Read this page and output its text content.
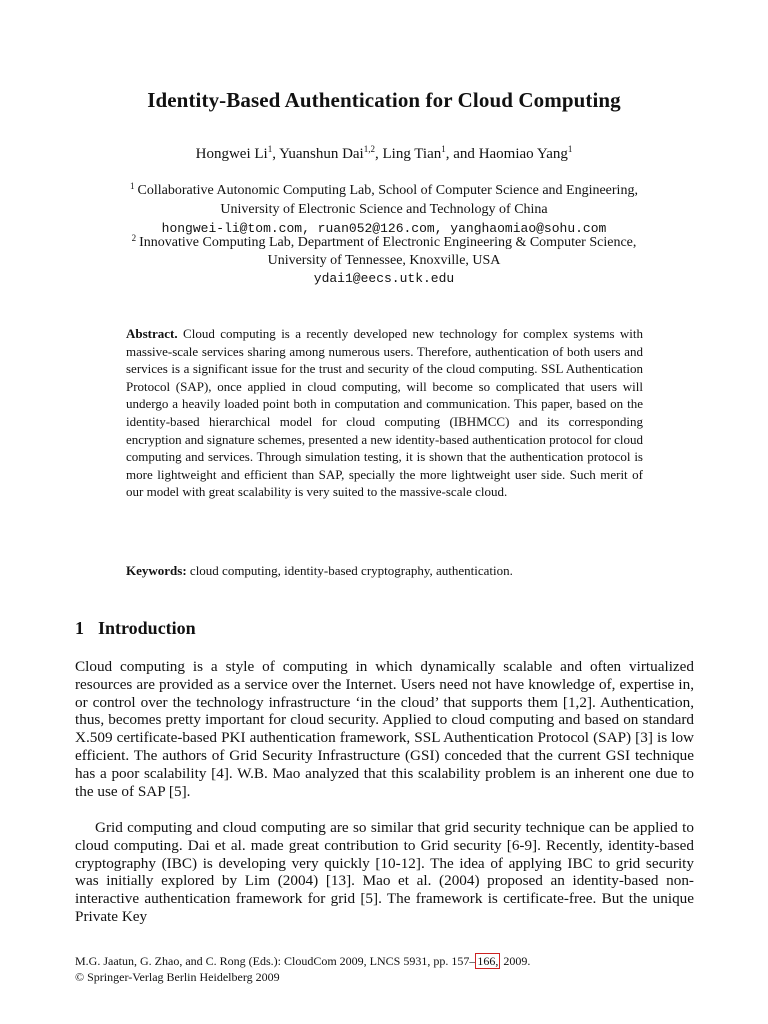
Identity-Based Authentication for Cloud Computing
Hongwei Li$^1$, Yuanshun Dai$^{1,2}$, Ling Tian$^1$, and Haomiao Yang$^1$
$^1$ Collaborative Autonomic Computing Lab, School of Computer Science and Engineering,
University of Electronic Science and Technology of China
hongwei-li@tom.com, ruan052@126.com, yanghaomiao@sohu.com
$^2$ Innovative Computing Lab, Department of Electronic Engineering & Computer Science,
University of Tennessee, Knoxville, USA
ydai1@eecs.utk.edu

Abstract. Cloud computing is a recently developed new technology for complex systems with massive-scale services sharing among numerous users. Therefore, authentication of both users and services is a significant issue for the trust and security of the cloud computing. SSL Authentication Protocol (SAP), once applied in cloud computing, will become so complicated that users will undergo a heavily loaded point both in computation and communication. This paper, based on the identity-based hierarchical model for cloud computing (IBHMCC) and its corresponding encryption and signature schemes, presented a new identity-based authentication protocol for cloud computing and services. Through simulation testing, it is shown that the authentication protocol is more lightweight and efficient than SAP, specially the more lightweight user side. Such merit of our model with great scalability is very suited to the massive-scale cloud.

Keywords: cloud computing, identity-based cryptography, authentication.

1 Introduction

Cloud computing is a style of computing in which dynamically scalable and often virtualized resources are provided as a service over the Internet. Users need not have knowledge of, expertise in, or control over the technology infrastructure ‘in the cloud’ that supports them [1,2]. Authentication, thus, becomes pretty important for cloud security. Applied to cloud computing and based on standard X.509 certificate-based PKI authentication framework, SSL Authentication Protocol (SAP) [3] is low efficient. The authors of Grid Security Infrastructure (GSI) conceded that the current GSI technique has a poor scalability [4]. W.B. Mao analyzed that this scalability problem is an inherent one due to the use of SAP [5].

Grid computing and cloud computing are so similar that grid security technique can be applied to cloud computing. Dai et al. made great contribution to Grid security [6-9]. Recently, identity-based cryptography (IBC) is developing very quickly [10-12]. The idea of applying IBC to grid security was initially explored by Lim (2004) [13]. Mao et al. (2004) proposed an identity-based non-interactive authentication framework for grid [5]. The framework is certificate-free. But the unique Private Key

M.G. Jaatun, G. Zhao, and C. Rong (Eds.): CloudCom 2009, LNCS 5931, pp. 157– 166, 2009.
© Springer-Verlag Berlin Heidelberg 2009
